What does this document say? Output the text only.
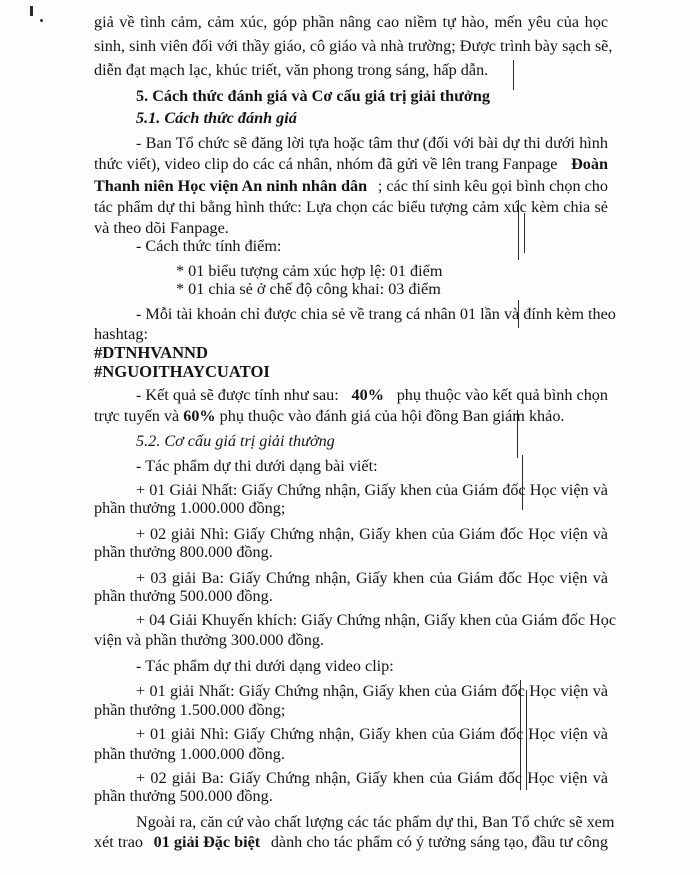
giả về tình cảm, cảm xúc, góp phần nâng cao niềm tự hào, mến yêu của học
sinh, sinh viên đối với thầy giáo, cô giáo và nhà trường; Được trình bày sạch sẽ,
diễn đạt mạch lạc, khúc triết, văn phong trong sáng, hấp dẫn.
5. Cách thức đánh giá và Cơ cấu giá trị giải thưởng
5.1. Cách thức đánh giá
- Ban Tổ chức sẽ đăng lời tựa hoặc tâm thư (đối với bài dự thi dưới hình
thức viết), video clip do các cá nhân, nhóm đã gửi về lên trang Fanpage Đoàn
Thanh niên Học viện An ninh nhân dân ; các thí sinh kêu gọi bình chọn cho
tác phẩm dự thi bằng hình thức: Lựa chọn các biểu tượng cảm xúc kèm chia sẻ
và theo dõi Fanpage.
- Cách thức tính điểm:
* 01 biểu tượng cảm xúc hợp lệ: 01 điểm
* 01 chia sẻ ở chế độ công khai: 03 điểm
- Mỗi tài khoản chỉ được chia sẻ về trang cá nhân 01 lần và đính kèm theo
hashtag:
#DTNHVANND
#NGUOITHAYCUATOI
- Kết quả sẽ được tính như sau: 40% phụ thuộc vào kết quả bình chọn
trực tuyến và 60% phụ thuộc vào đánh giá của hội đồng Ban giám khảo.
5.2. Cơ cấu giá trị giải thưởng
- Tác phẩm dự thi dưới dạng bài viết:
+ 01 Giải Nhất: Giấy Chứng nhận, Giấy khen của Giám đốc Học viện và
phần thưởng 1.000.000 đồng;
+ 02 giải Nhì: Giấy Chứng nhận, Giấy khen của Giám đốc Học viện và
phần thưởng 800.000 đồng.
+ 03 giải Ba: Giấy Chứng nhận, Giấy khen của Giám đốc Học viện và
phần thưởng 500.000 đồng.
+ 04 Giải Khuyến khích: Giấy Chứng nhận, Giấy khen của Giám đốc Học
viện và phần thưởng 300.000 đồng.
- Tác phẩm dự thi dưới dạng video clip:
+ 01 giải Nhất: Giấy Chứng nhận, Giấy khen của Giám đốc Học viện và
phần thưởng 1.500.000 đồng;
+ 01 giải Nhì: Giấy Chứng nhận, Giấy khen của Giám đốc Học viện và
phần thưởng 1.000.000 đồng.
+ 02 giải Ba: Giấy Chứng nhận, Giấy khen của Giám đốc Học viện và
phần thưởng 500.000 đồng.
Ngoài ra, căn cứ vào chất lượng các tác phẩm dự thi, Ban Tổ chức sẽ xem
xét trao 01 giải Đặc biệt dành cho tác phẩm có ý tưởng sáng tạo, đầu tư công
